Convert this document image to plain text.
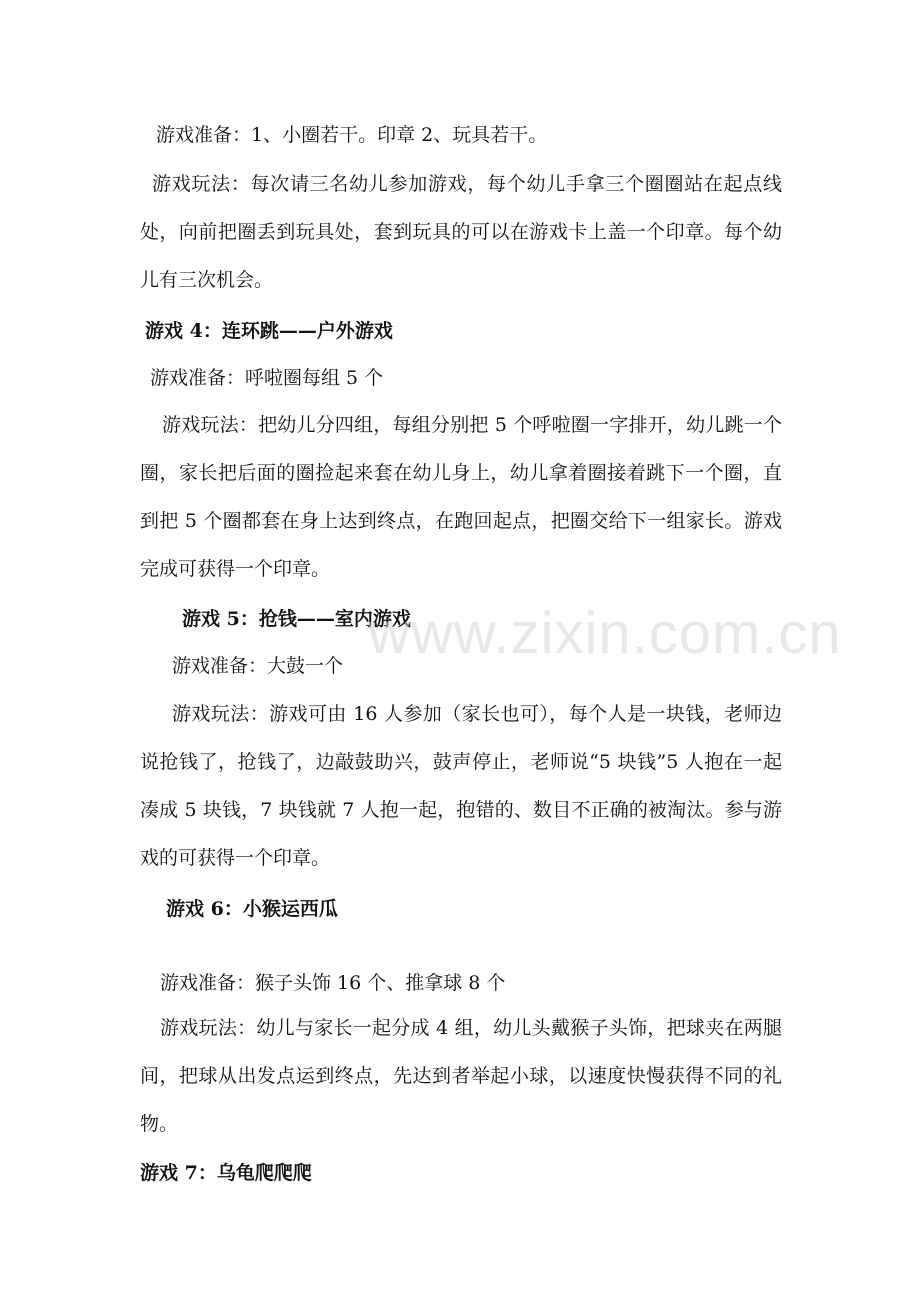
游戏准备：1、小圈若干。印章 2、玩具若干。
游戏玩法：每次请三名幼儿参加游戏，每个幼儿手拿三个圈圈站在起点线处，向前把圈丢到玩具处，套到玩具的可以在游戏卡上盖一个印章。每个幼儿有三次机会。
游戏 4：连环跳——户外游戏
游戏准备：呼啦圈每组 5 个
游戏玩法：把幼儿分四组，每组分别把 5 个呼啦圈一字排开，幼儿跳一个圈，家长把后面的圈捡起来套在幼儿身上，幼儿拿着圈接着跳下一个圈，直到把 5 个圈都套在身上达到终点，在跑回起点，把圈交给下一组家长。游戏完成可获得一个印章。
游戏 5：抢钱——室内游戏
游戏准备：大鼓一个
游戏玩法：游戏可由 16 人参加（家长也可），每个人是一块钱，老师边说抢钱了，抢钱了，边敲鼓助兴，鼓声停止，老师说“5 块钱”5 人抱在一起凑成 5 块钱，7 块钱就 7 人抱一起，抱错的、数目不正确的被淘汰。参与游戏的可获得一个印章。
游戏 6：小猴运西瓜
游戏准备：猴子头饰 16 个、推拿球 8 个
游戏玩法：幼儿与家长一起分成 4 组，幼儿头戴猴子头饰，把球夹在两腿间，把球从出发点运到终点，先达到者举起小球，以速度快慢获得不同的礼物。
游戏 7：乌龟爬爬爬
www.zixin.com.cn
